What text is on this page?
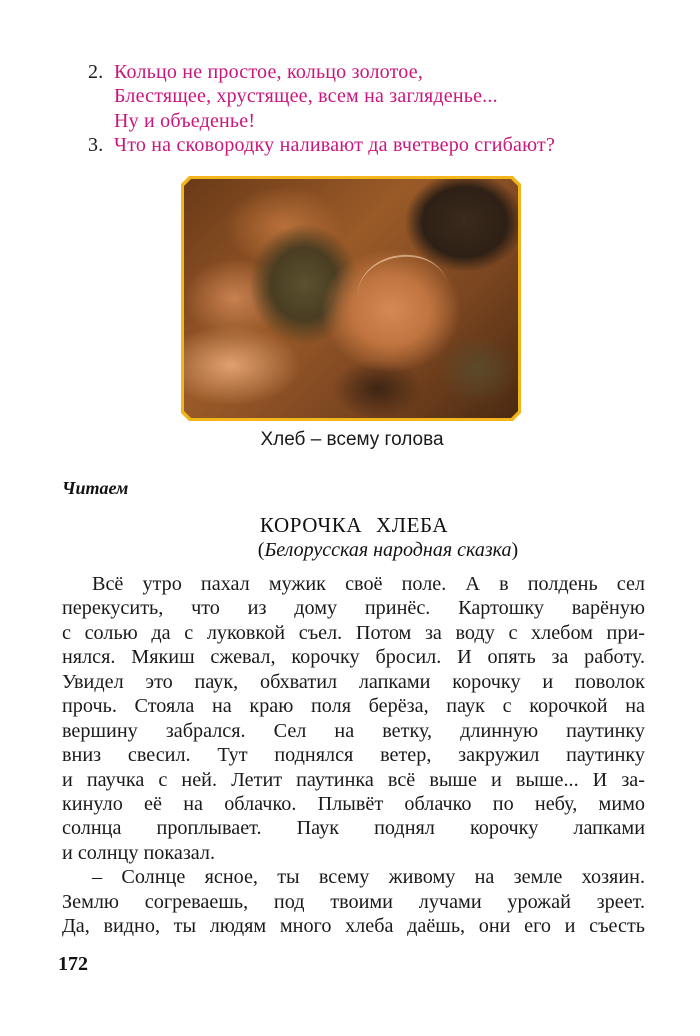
2. Кольцо не простое, кольцо золотое,
Блестящее, хрустящее, всем на загляденье...
Ну и объеденье!
3. Что на сковородку наливают да вчетверо сгибают?
Хлеб – всему голова
Читаем
КОРОЧКА ХЛЕБА
(Белорусская народная сказка)
Всё утро пахал мужик своё поле. А в полдень сел
перекусить, что из дому принёс. Картошку варёную
с солью да с луковкой съел. Потом за воду с хлебом при-
нялся. Мякиш сжевал, корочку бросил. И опять за работу.
Увидел это паук, обхватил лапками корочку и поволок
прочь. Стояла на краю поля берёза, паук с корочкой на
вершину забрался. Сел на ветку, длинную паутинку
вниз свесил. Тут поднялся ветер, закружил паутинку
и паучка с ней. Летит паутинка всё выше и выше... И за-
кинуло её на облачко. Плывёт облачко по небу, мимо
солнца проплывает. Паук поднял корочку лапками
и солнцу показал.
– Солнце ясное, ты всему живому на земле хозяин.
Землю согреваешь, под твоими лучами урожай зреет.
Да, видно, ты людям много хлеба даёшь, они его и съесть
172
